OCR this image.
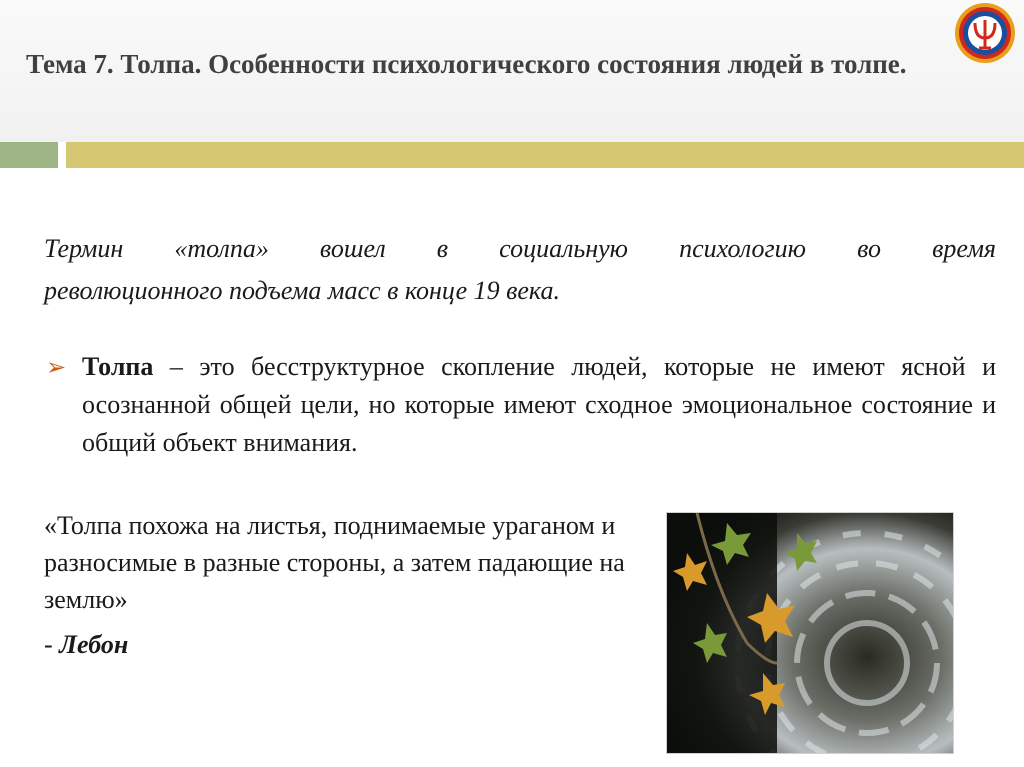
Тема 7. Толпа. Особенности психологического состояния людей в толпе.

Термин «толпа» вошел в социальную психологию во время
революционного подъема масс в конце 19 века.

➢ Толпа – это бесструктурное скопление людей, которые не имеют ясной и осознанной общей цели, но которые имеют сходное эмоциональное состояние и общий объект внимания.

«Толпа похожа на листья, поднимаемые ураганом и разносимые в разные стороны, а затем падающие на землю»

- Лебон
